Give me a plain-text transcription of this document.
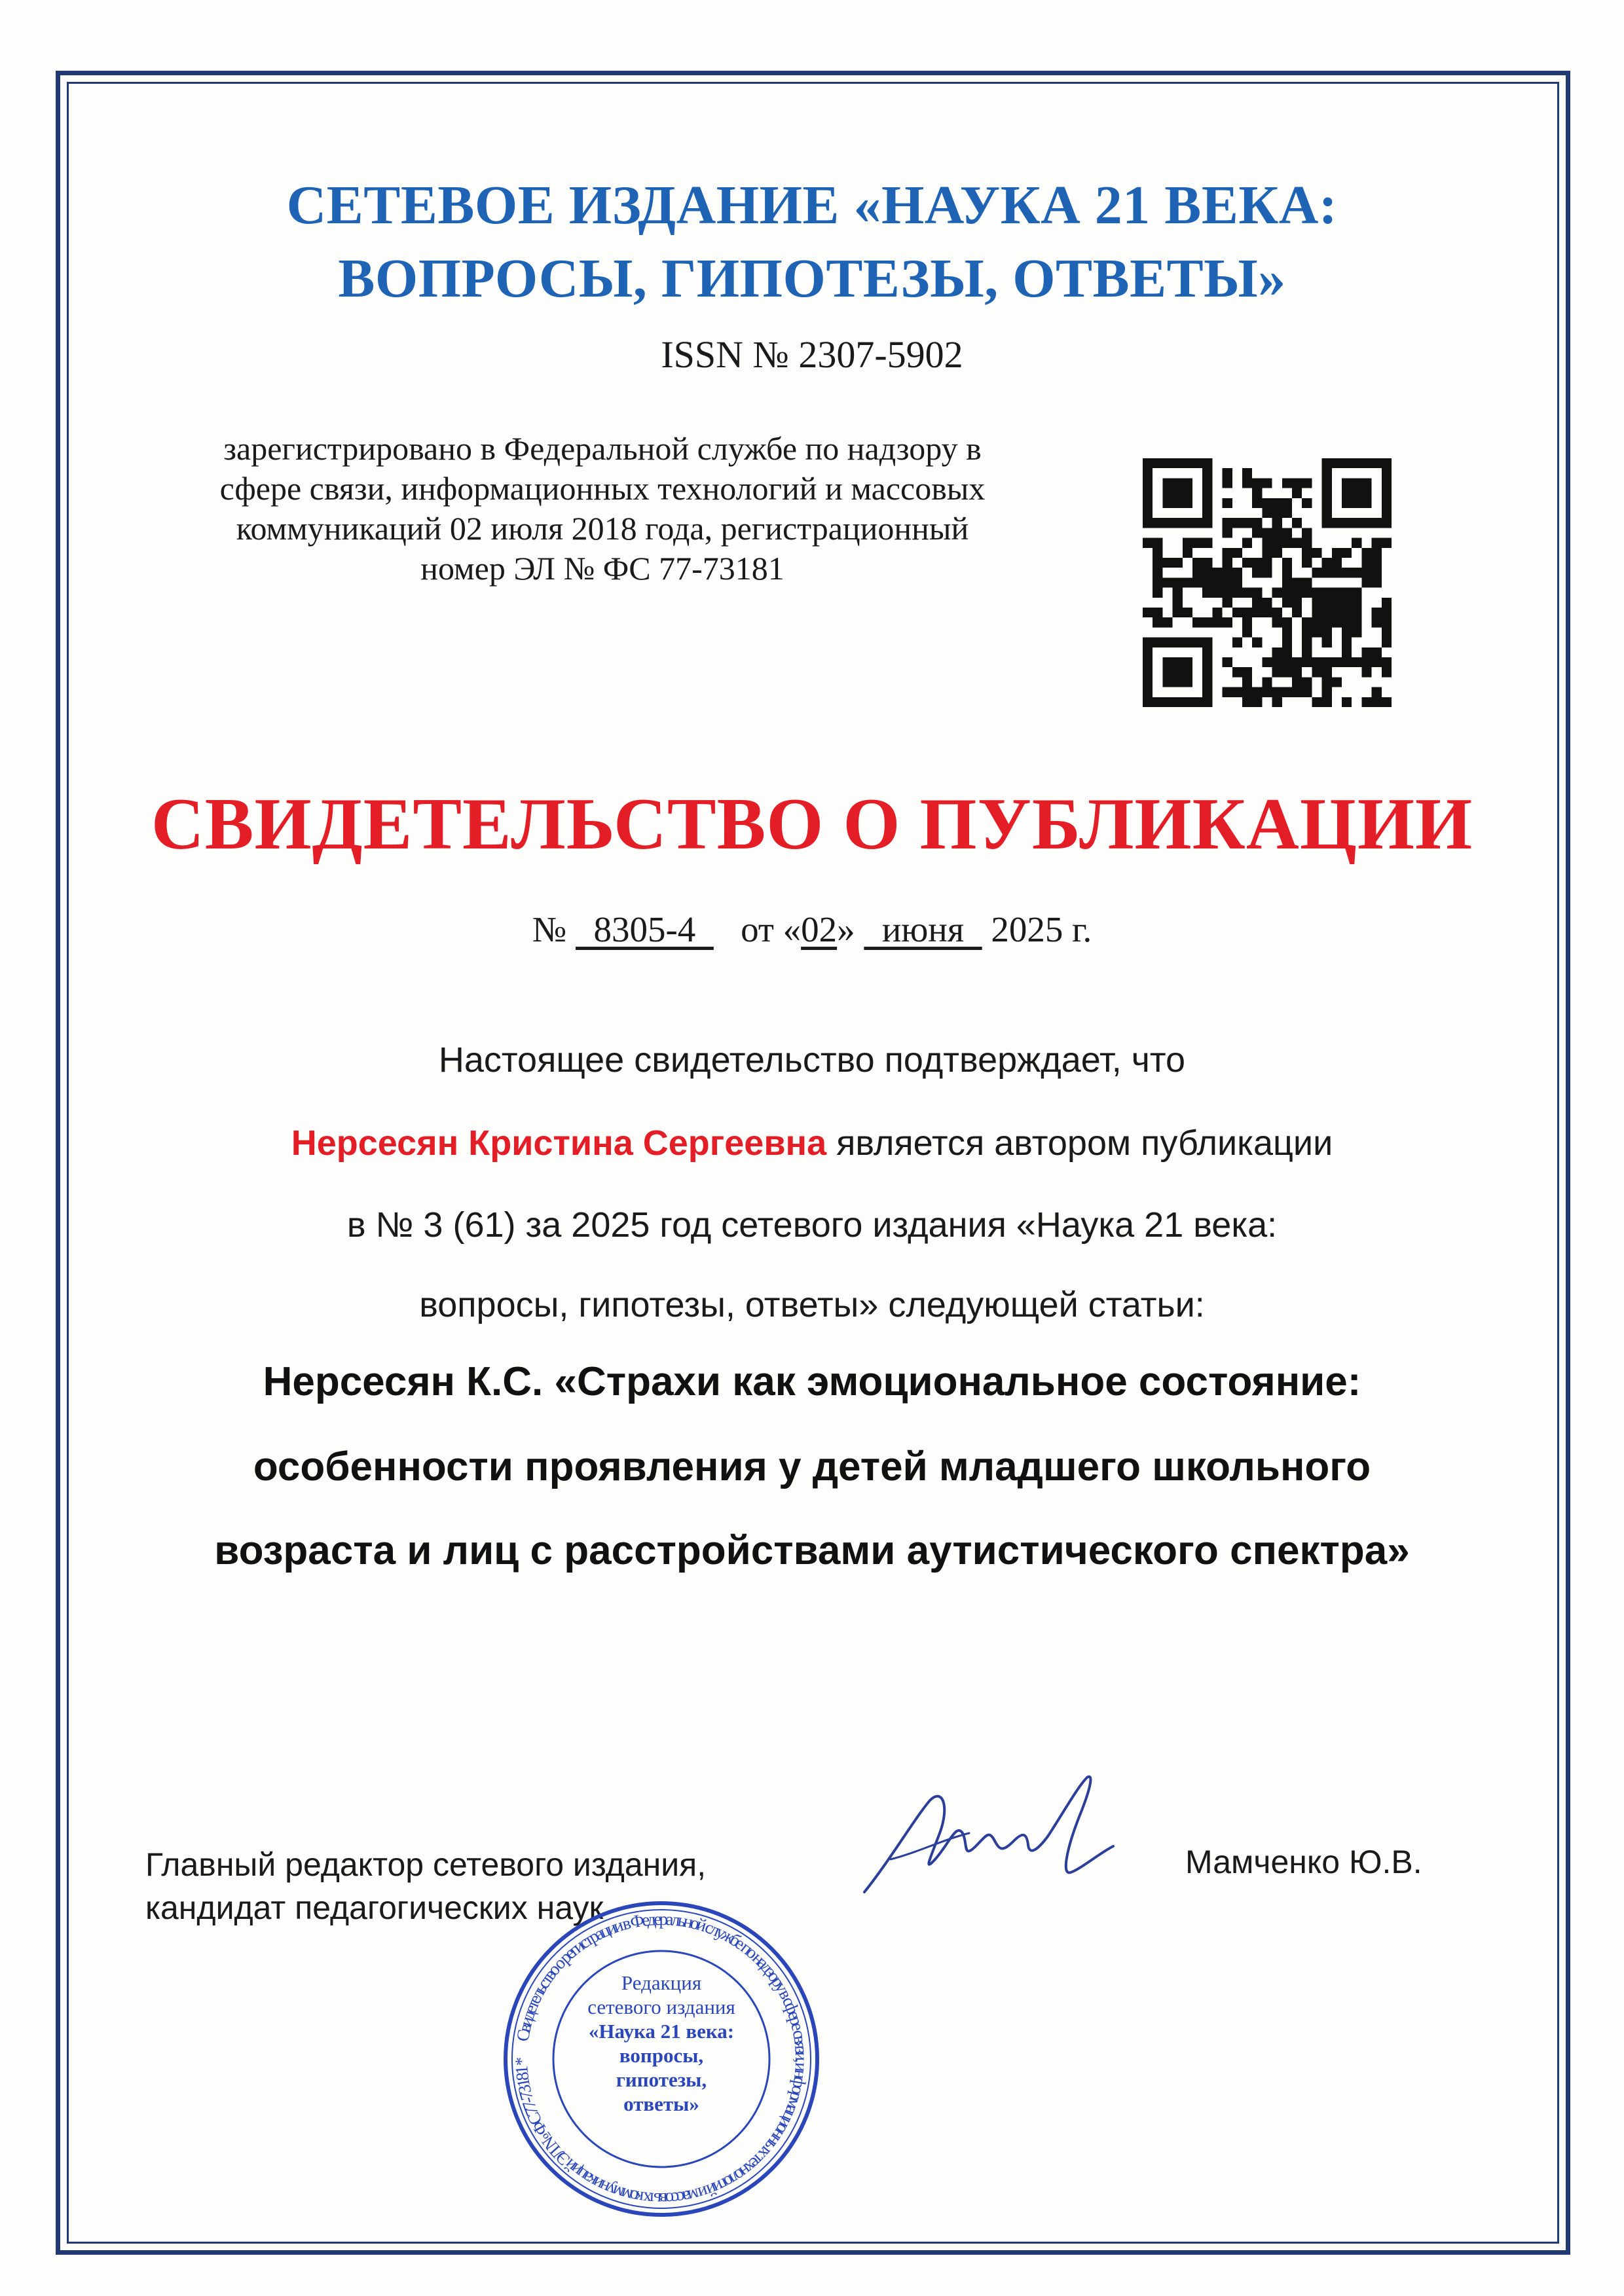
СЕТЕВОЕ ИЗДАНИЕ «НАУКА 21 ВЕКА:
ВОПРОСЫ, ГИПОТЕЗЫ, ОТВЕТЫ»
ISSN № 2307-5902
зарегистрировано в Федеральной службе по надзору в
сфере связи, информационных технологий и массовых
коммуникаций 02 июля 2018 года, регистрационный
номер ЭЛ № ФС 77-73181
СВИДЕТЕЛЬСТВО О ПУБЛИКАЦИИ
№   8305-4     от «02»   июня   2025 г.
Настоящее свидетельство подтверждает, что
Нерсесян Кристина Сергеевна является автором публикации
в № 3 (61) за 2025 год сетевого издания «Наука 21 века:
вопросы, гипотезы, ответы» следующей статьи:
Нерсесян К.С. «Страхи как эмоциональное состояние:
особенности проявления у детей младшего школьного
возраста и лиц с расстройствами аутистического спектра»
Главный редактор сетевого издания,
кандидат педагогических наук
Мамченко Ю.В.
Свидетельство о регистрации в Федеральной службе по надзору в сфере связи, информационных технологий и массовых коммуникаций ЭЛ № ФС77-73181 *
Редакция
сетевого издания
«Наука 21 века:
вопросы,
гипотезы,
ответы»
